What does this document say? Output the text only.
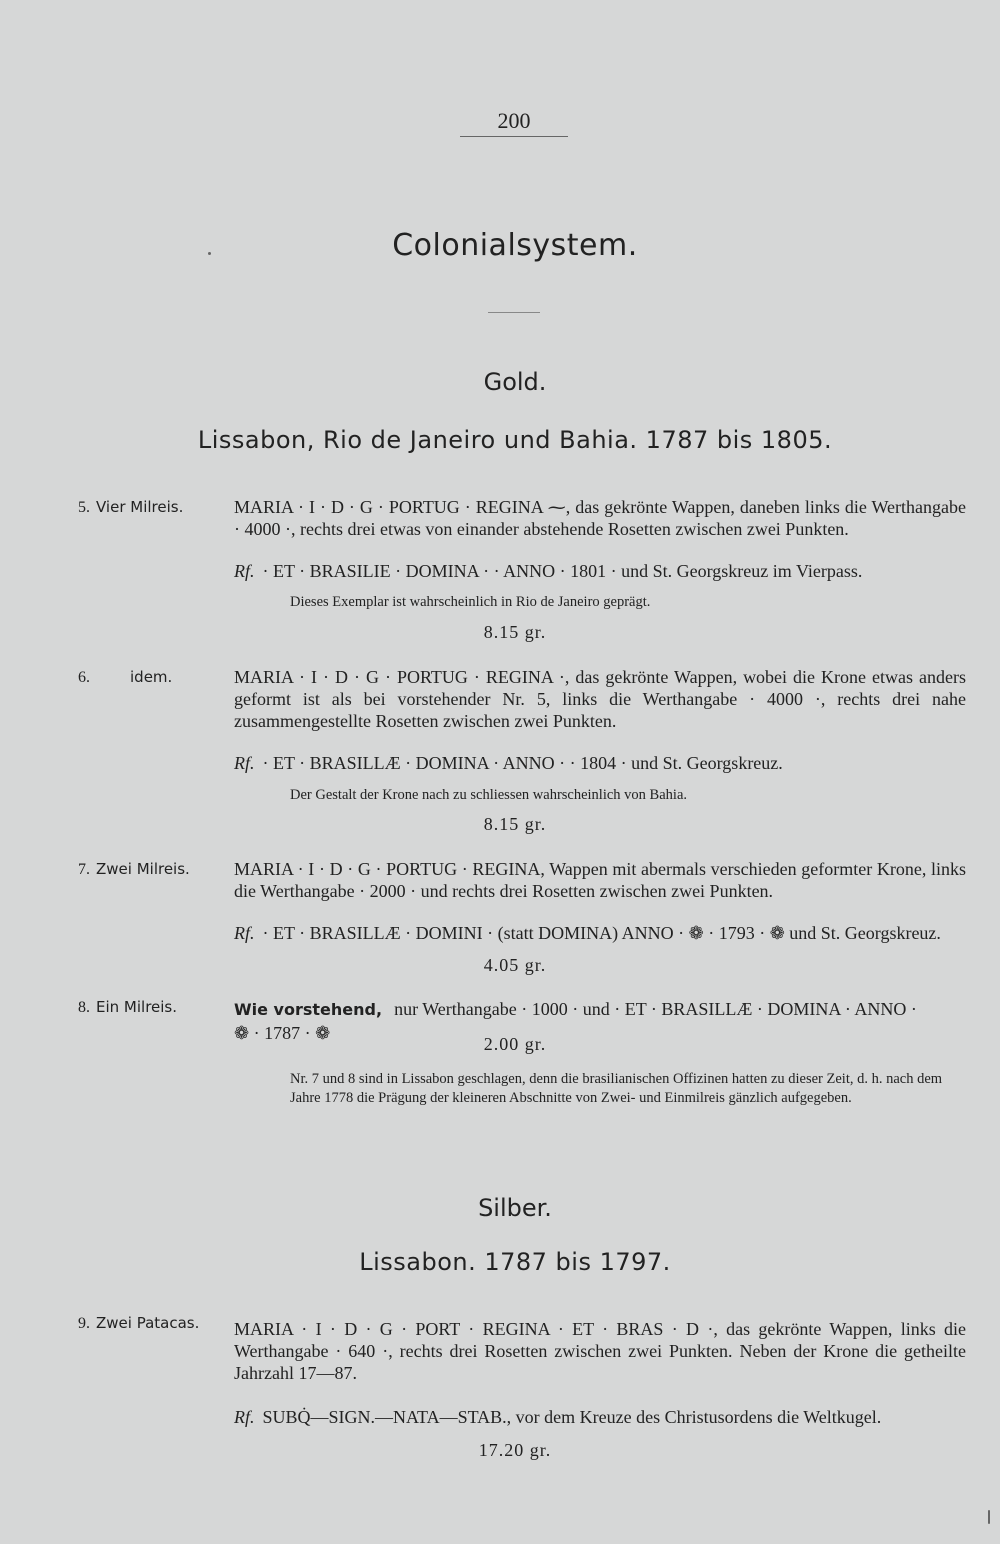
200
Colonialsystem.
Gold.
Lissabon, Rio de Janeiro und Bahia. 1787 bis 1805.
5. Vier Milreis.	MARIA · I · D · G · PORTUG · REGINA ⁓, das gekrönte Wappen, daneben links die Werthangabe · 4000 ·, rechts drei etwas von einander abstehende Rosetten zwischen zwei Punkten.
Rf. · ET · BRASILIE · DOMINA · · ANNO · 1801 · und St. Georgskreuz im Vierpass.
Dieses Exemplar ist wahrscheinlich in Rio de Janeiro geprägt.
8.15 gr.
6.	idem.	MARIA · I · D · G · PORTUG · REGINA ·, das gekrönte Wappen, wobei die Krone etwas anders geformt ist als bei vorstehender Nr. 5, links die Werthangabe · 4000 ·, rechts drei nahe zusammengestellte Rosetten zwischen zwei Punkten.
Rf. · ET · BRASILLÆ · DOMINA · ANNO · · 1804 · und St. Georgskreuz.
Der Gestalt der Krone nach zu schliessen wahrscheinlich von Bahia.
8.15 gr.
7. Zwei Milreis. MARIA · I · D · G · PORTUG · REGINA, Wappen mit abermals verschieden geformter Krone, links die Werthangabe · 2000 · und rechts drei Rosetten zwischen zwei Punkten.
Rf. · ET · BRASILLÆ · DOMINI · (statt DOMINA) ANNO · ❁ · 1793 · ❁ und St. Georgskreuz.
4.05 gr.
8. Ein Milreis.	Wie vorstehend, nur Werthangabe · 1000 · und · ET · BRASILLÆ · DOMINA · ANNO ·
❁ · 1787 · ❁
2.00 gr.
Nr. 7 und 8 sind in Lissabon geschlagen, denn die brasilianischen Offizinen hatten zu dieser Zeit, d. h. nach dem Jahre 1778 die Prägung der kleineren Abschnitte von Zwei- und Einmilreis gänzlich aufgegeben.
Silber.
Lissabon. 1787 bis 1797.
9. Zwei Patacas. MARIA · I · D · G · PORT · REGINA · ET · BRAS · D ·, das gekrönte Wappen, links die Werthangabe · 640 ·, rechts drei Rosetten zwischen zwei Punkten. Neben der Krone die getheilte Jahrzahl 17—87.
Rf. SUBQ̇—SIGN.—NATA—STAB., vor dem Kreuze des Christusordens die Weltkugel.
17.20 gr.
